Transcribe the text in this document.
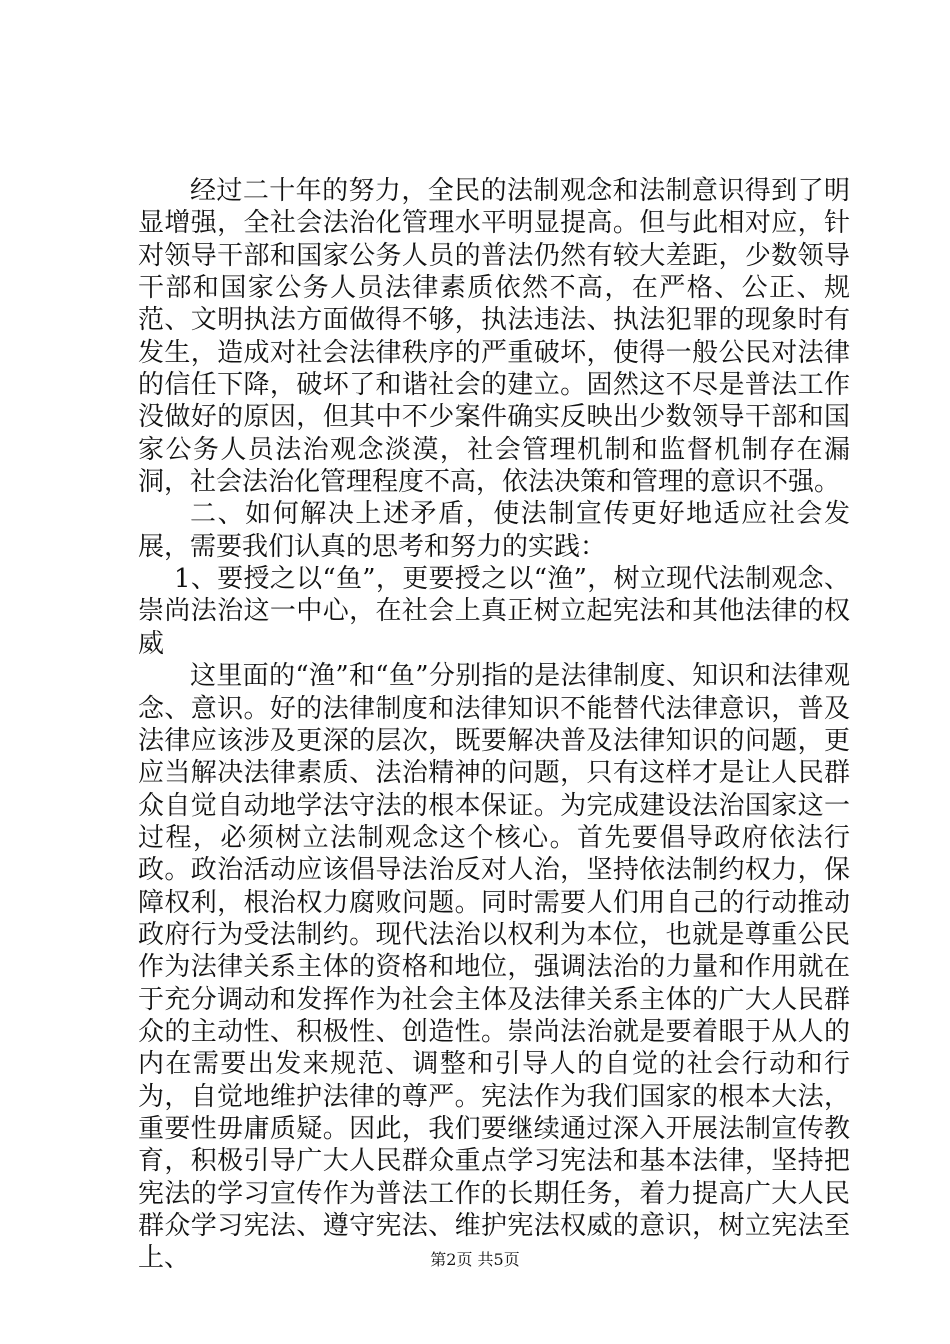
经过二十年的努力，全民的法制观念和法制意识得到了明显增强，全社会法治化管理水平明显提高。但与此相对应，针对领导干部和国家公务人员的普法仍然有较大差距，少数领导干部和国家公务人员法律素质依然不高，在严格、公正、规范、文明执法方面做得不够，执法违法、执法犯罪的现象时有发生，造成对社会法律秩序的严重破坏，使得一般公民对法律的信任下降，破坏了和谐社会的建立。固然这不尽是普法工作没做好的原因，但其中不少案件确实反映出少数领导干部和国家公务人员法治观念淡漠，社会管理机制和监督机制存在漏洞，社会法治化管理程度不高，依法决策和管理的意识不强。

二、如何解决上述矛盾，使法制宣传更好地适应社会发展，需要我们认真的思考和努力的实践：

1、要授之以“鱼”，更要授之以“渔”，树立现代法制观念、崇尚法治这一中心，在社会上真正树立起宪法和其他法律的权威

这里面的“渔”和“鱼”分别指的是法律制度、知识和法律观念、意识。好的法律制度和法律知识不能替代法律意识，普及法律应该涉及更深的层次，既要解决普及法律知识的问题，更应当解决法律素质、法治精神的问题，只有这样才是让人民群众自觉自动地学法守法的根本保证。为完成建设法治国家这一过程，必须树立法制观念这个核心。首先要倡导政府依法行政。政治活动应该倡导法治反对人治，坚持依法制约权力，保障权利，根治权力腐败问题。同时需要人们用自己的行动推动政府行为受法制约。现代法治以权利为本位，也就是尊重公民作为法律关系主体的资格和地位，强调法治的力量和作用就在于充分调动和发挥作为社会主体及法律关系主体的广大人民群众的主动性、积极性、创造性。崇尚法治就是要着眼于从人的内在需要出发来规范、调整和引导人的自觉的社会行动和行为，自觉地维护法律的尊严。宪法作为我们国家的根本大法，重要性毋庸质疑。因此，我们要继续通过深入开展法制宣传教育，积极引导广大人民群众重点学习宪法和基本法律，坚持把宪法的学习宣传作为普法工作的长期任务，着力提高广大人民群众学习宪法、遵守宪法、维护宪法权威的意识，树立宪法至上、	第2页 共5页
